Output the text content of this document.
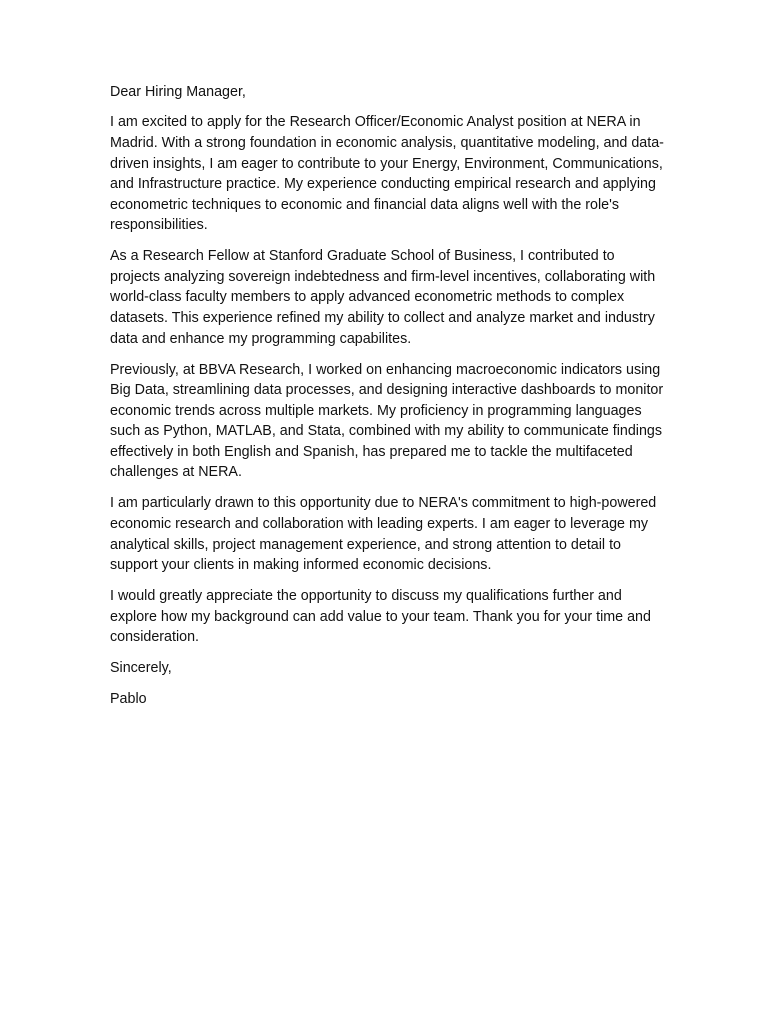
Dear Hiring Manager,

I am excited to apply for the Research Officer/Economic Analyst position at NERA in Madrid. With a strong foundation in economic analysis, quantitative modeling, and data-driven insights, I am eager to contribute to your Energy, Environment, Communications, and Infrastructure practice. My experience conducting empirical research and applying econometric techniques to economic and financial data aligns well with the role's responsibilities.

As a Research Fellow at Stanford Graduate School of Business, I contributed to projects analyzing sovereign indebtedness and firm-level incentives, collaborating with world-class faculty members to apply advanced econometric methods to complex datasets. This experience refined my ability to collect and analyze market and industry data and enhance my programming capabilites.

Previously, at BBVA Research, I worked on enhancing macroeconomic indicators using Big Data, streamlining data processes, and designing interactive dashboards to monitor economic trends across multiple markets. My proficiency in programming languages such as Python, MATLAB, and Stata, combined with my ability to communicate findings effectively in both English and Spanish, has prepared me to tackle the multifaceted challenges at NERA.

I am particularly drawn to this opportunity due to NERA's commitment to high-powered economic research and collaboration with leading experts. I am eager to leverage my analytical skills, project management experience, and strong attention to detail to support your clients in making informed economic decisions.

I would greatly appreciate the opportunity to discuss my qualifications further and explore how my background can add value to your team. Thank you for your time and consideration.

Sincerely,

Pablo
